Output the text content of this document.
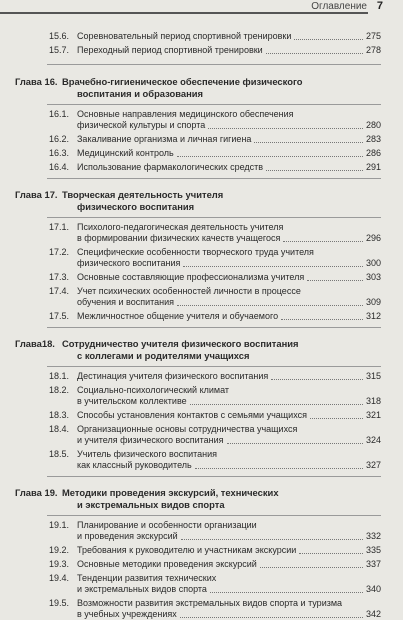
Оглавление 7
15.6. Соревновательный период спортивной тренировки	275
15.7. Переходный период спортивной тренировки	278
Глава 16. Врачебно-гигиеническое обеспечение физического
воспитания и образования
16.1. Основные направления медицинского обеспечения
физической культуры и спорта	280
16.2. Закаливание организма и личная гигиена	283
16.3. Медицинский контроль	286
16.4. Использование фармакологических средств	291
Глава 17. Творческая деятельность учителя
физического воспитания
17.1. Психолого-педагогическая деятельность учителя
в формировании физических качеств учащегося	296
17.2. Специфические особенности творческого труда учителя
физического воспитания	300
17.3. Основные составляющие профессионализма учителя	303
17.4. Учет психических особенностей личности в процессе
обучения и воспитания	309
17.5. Межличностное общение учителя и обучаемого	312
Глава18. Сотрудничество учителя физического воспитания
с коллегами и родителями учащихся
18.1. Дестинация учителя физического воспитания	315
18.2. Социально-психологический климат
в учительском коллективе	318
18.3. Способы установления контактов с семьями учащихся	321
18.4. Организационные основы сотрудничества учащихся
и учителя физического воспитания	324
18.5. Учитель физического воспитания
как классный руководитель	327
Глава 19. Методики проведения экскурсий, технических
и экстремальных видов спорта
19.1. Планирование и особенности организации
и проведения экскурсий	332
19.2. Требования к руководителю и участникам экскурсии	335
19.3. Основные методики проведения экскурсий	337
19.4. Тенденции развития технических
и экстремальных видов спорта	340
19.5. Возможности развития экстремальных видов спорта и туризма
в учебных учреждениях	342
